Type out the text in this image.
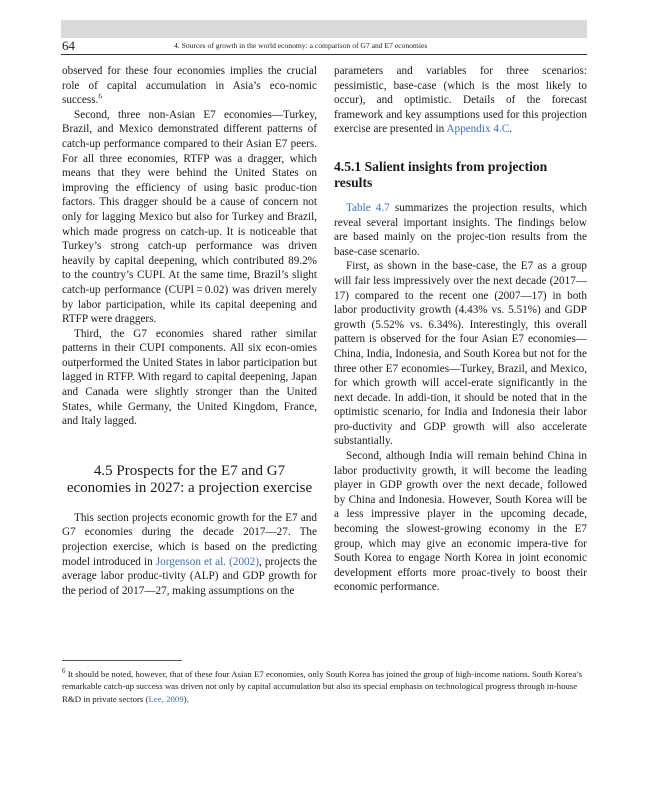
64	4. Sources of growth in the world economy: a comparison of G7 and E7 economies

observed for these four economies implies the crucial role of capital accumulation in Asia’s eco-nomic success.$^6$

Second, three non-Asian E7 economies—Turkey, Brazil, and Mexico demonstrated different patterns of catch-up performance compared to their Asian E7 peers. For all three economies, RTFP was a dragger, which means that they were behind the United States on improving the efficiency of using basic produc-tion factors. This dragger should be a cause of concern not only for lagging Mexico but also for Turkey and Brazil, which made progress on catch-up. It is noticeable that Turkey’s strong catch-up performance was driven heavily by capital deepening, which contributed 89.2% to the country’s CUPI. At the same time, Brazil’s slight catch-up performance (CUPI = 0.02) was driven merely by labor participation, while its capital deepening and RTFP were draggers.

Third, the G7 economies shared rather similar patterns in their CUPI components. All six econ-omies outperformed the United States in labor participation but lagged in RTFP. With regard to capital deepening, Japan and Canada were slightly stronger than the United States, while Germany, the United Kingdom, France, and Italy lagged.

4.5 Prospects for the E7 and G7 economies in 2027: a projection exercise

This section projects economic growth for the E7 and G7 economies during the decade 2017—27. The projection exercise, which is based on the predicting model introduced in Jorgenson et al. (2002), projects the average labor produc-tivity (ALP) and GDP growth for the period of 2017—27, making assumptions on the

parameters and variables for three scenarios: pessimistic, base-case (which is the most likely to occur), and optimistic. Details of the forecast framework and key assumptions used for this projection exercise are presented in Appendix 4.C.

4.5.1 Salient insights from projection results

Table 4.7 summarizes the projection results, which reveal several important insights. The findings below are based mainly on the projec-tion results from the base-case scenario.

First, as shown in the base-case, the E7 as a group will fair less impressively over the next decade (2017—17) compared to the recent one (2007—17) in both labor productivity growth (4.43% vs. 5.51%) and GDP growth (5.52% vs. 6.34%). Interestingly, this overall pattern is observed for the four Asian E7 economies—China, India, Indonesia, and South Korea but not for the three other E7 economies—Turkey, Brazil, and Mexico, for which growth will accel-erate significantly in the next decade. In addi-tion, it should be noted that in the optimistic scenario, for India and Indonesia their labor pro-ductivity and GDP growth will also accelerate substantially.

Second, although India will remain behind China in labor productivity growth, it will become the leading player in GDP growth over the next decade, followed by China and Indonesia. However, South Korea will be a less impressive player in the upcoming decade, becoming the slowest-growing economy in the E7 group, which may give an economic impera-tive for South Korea to engage North Korea in joint economic development efforts more proac-tively to boost their economic performance.

$^6$ It should be noted, however, that of these four Asian E7 economies, only South Korea has joined the group of high-income nations. South Korea’s remarkable catch-up success was driven not only by capital accumulation but also its special emphasis on technological progress through in-house R&D in private sectors (Lee, 2009).
